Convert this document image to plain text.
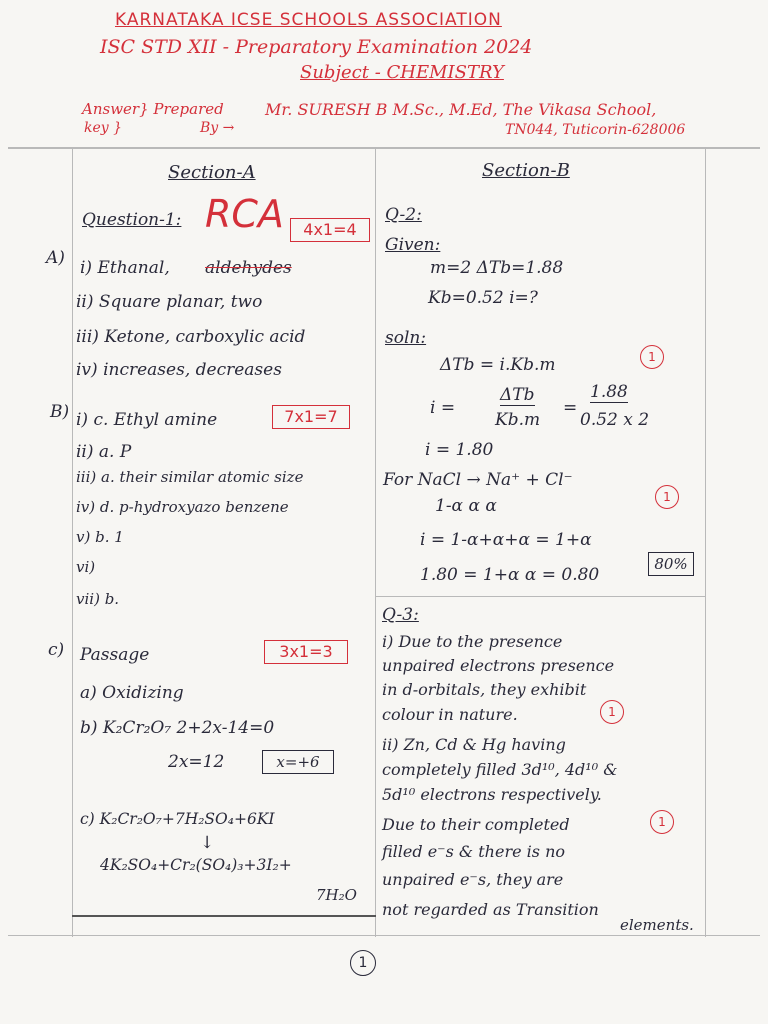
KARNATAKA ICSE SCHOOLS ASSOCIATION
ISC STD XII - Preparatory Examination 2024
Subject - CHEMISTRY
Answer} Prepared
key }	By →
Mr. SURESH B M.Sc., M.Ed, The Vikasa School,
TN044, Tuticorin-628006
Section-A
Question-1: RCA	4x1=4
A) i) Ethanal, aldehydes
ii) Square planar, two
iii) Ketone, carboxylic acid
iv) increases, decreases
B) i) c. Ethyl amine	7x1=7
ii) a. P
iii) a. their similar atomic size
iv) d. p-hydroxyazo benzene
v) b. 1
vi)
vii) b.
c) Passage	3x1=3
a) Oxidizing
b) K₂Cr₂O₇ 2+2x-14=0
2x=12	x=+6
c) K₂Cr₂O₇+7H₂SO₄+6KI
↓
4K₂SO₄+Cr₂(SO₄)₃+3I₂+
7H₂O
Section-B
Q-2:
Given:
m=2 ΔTb=1.88
Kb=0.52 i=?
soln:
ΔTb = i.Kb.m	1
i =
ΔTb
Kb.m
=
1.88
0.52 x 2
i = 1.80
For NaCl → Na⁺ + Cl⁻
1-α α α	1
i = 1-α+α+α = 1+α
1.80 = 1+α α = 0.80
80%
Q-3:
i) Due to the presence
unpaired electrons presence
in d-orbitals, they exhibit
colour in nature.	1
ii) Zn, Cd & Hg having
completely filled 3d¹⁰, 4d¹⁰ &
5d¹⁰ electrons respectively.
Due to their completed	1
filled e⁻s & there is no
unpaired e⁻s, they are
not regarded as Transition
elements.
1
